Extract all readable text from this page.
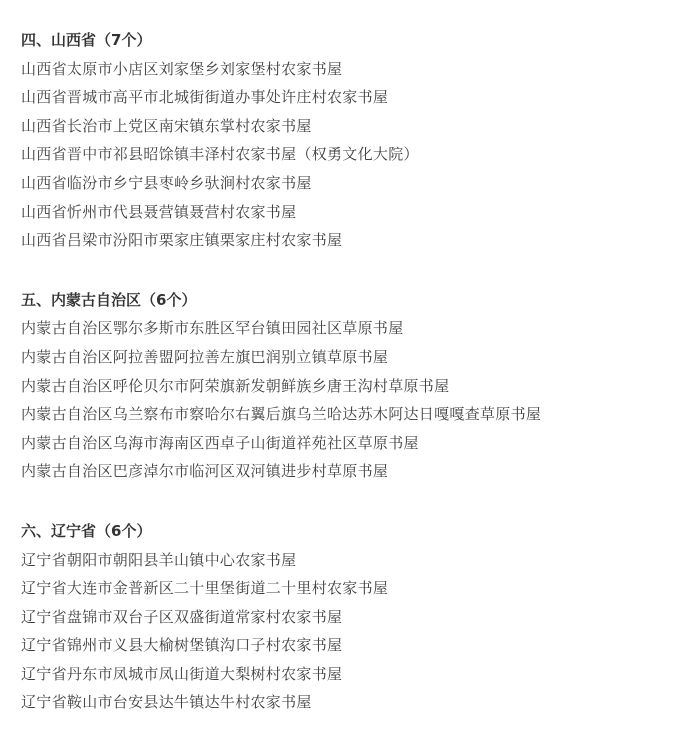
四、山西省（7个）
山西省太原市小店区刘家堡乡刘家堡村农家书屋
山西省晋城市高平市北城街街道办事处许庄村农家书屋
山西省长治市上党区南宋镇东掌村农家书屋
山西省晋中市祁县昭馀镇丰泽村农家书屋（权勇文化大院）
山西省临汾市乡宁县枣岭乡驮涧村农家书屋
山西省忻州市代县聂营镇聂营村农家书屋
山西省吕梁市汾阳市栗家庄镇栗家庄村农家书屋
五、内蒙古自治区（6个）
内蒙古自治区鄂尔多斯市东胜区罕台镇田园社区草原书屋
内蒙古自治区阿拉善盟阿拉善左旗巴润别立镇草原书屋
内蒙古自治区呼伦贝尔市阿荣旗新发朝鲜族乡唐王沟村草原书屋
内蒙古自治区乌兰察布市察哈尔右翼后旗乌兰哈达苏木阿达日嘎嘎查草原书屋
内蒙古自治区乌海市海南区西卓子山街道祥苑社区草原书屋
内蒙古自治区巴彦淖尔市临河区双河镇进步村草原书屋
六、辽宁省（6个）
辽宁省朝阳市朝阳县羊山镇中心农家书屋
辽宁省大连市金普新区二十里堡街道二十里村农家书屋
辽宁省盘锦市双台子区双盛街道常家村农家书屋
辽宁省锦州市义县大榆树堡镇沟口子村农家书屋
辽宁省丹东市凤城市凤山街道大梨树村农家书屋
辽宁省鞍山市台安县达牛镇达牛村农家书屋
